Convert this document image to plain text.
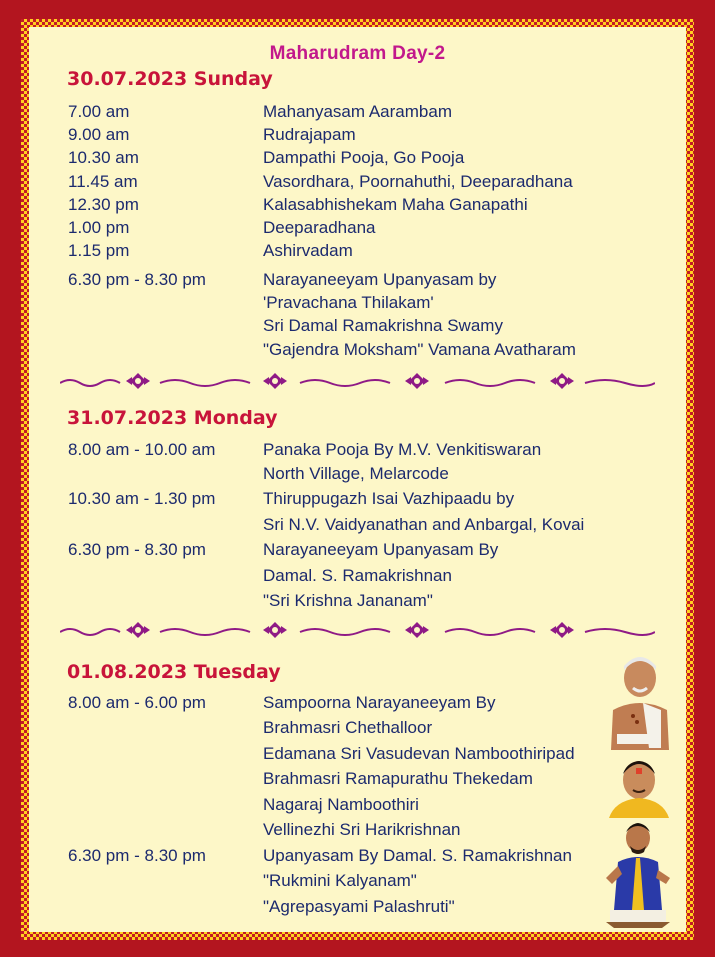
Maharudram Day-2
30.07.2023 Sunday
7.00 am	Mahanyasam Aarambam
9.00 am	Rudrajapam
10.30 am	Dampathi Pooja, Go Pooja
11.45 am	Vasordhara, Poornahuthi, Deeparadhana
12.30 pm	Kalasabhishekam Maha Ganapathi
1.00 pm	Deeparadhana
1.15 pm	Ashirvadam
6.30 pm - 8.30 pm	Narayaneeyam Upanyasam by
'Pravachana Thilakam'
Sri Damal Ramakrishna Swamy
"Gajendra Moksham" Vamana Avatharam
31.07.2023 Monday
8.00 am - 10.00 am	Panaka Pooja By M.V. Venkitiswaran
North Village, Melarcode
10.30 am - 1.30 pm	Thiruppugazh Isai Vazhipaadu by
Sri N.V. Vaidyanathan and Anbargal, Kovai
6.30 pm - 8.30 pm	Narayaneeyam Upanyasam By
Damal. S. Ramakrishnan
"Sri Krishna Jananam"
01.08.2023 Tuesday
8.00 am - 6.00 pm	Sampoorna Narayaneeyam By
Brahmasri Chethalloor
Edamana Sri Vasudevan Namboothiripad
Brahmasri Ramapurathu Thekedam
Nagaraj Namboothiri
Vellinezhi Sri Harikrishnan
6.30 pm - 8.30 pm	Upanyasam By Damal. S. Ramakrishnan
"Rukmini Kalyanam"
"Agrepasyami Palashruti"
